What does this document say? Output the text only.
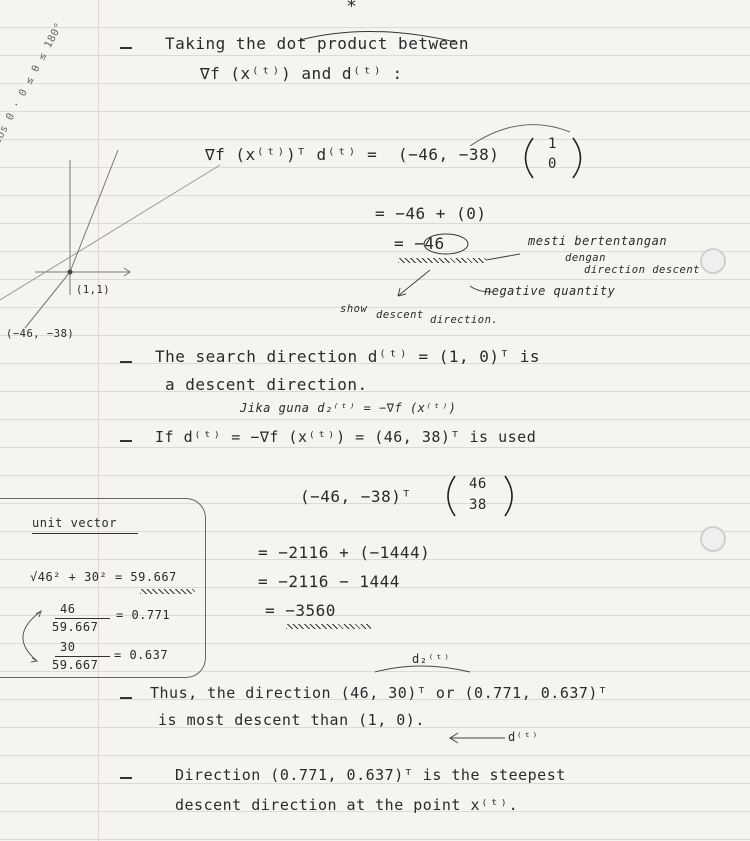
*
Taking the dot product between
∇f (x⁽ᵗ⁾) and d⁽ᵗ⁾ :
∇f (x⁽ᵗ⁾)ᵀ d⁽ᵗ⁾ = (−46, −38)
1
0
= −46 + (0)
= −46	mesti bertentangan
dengan
direction descent
negative quantity
show descent direction.
(1,1)
(−46, −38)
The search direction d⁽ᵗ⁾ = (1, 0)ᵀ is
a descent direction.
Jika guna d₂⁽ᵗ⁾ = −∇f (x⁽ᵗ⁾)
If d⁽ᵗ⁾ = −∇f (x⁽ᵗ⁾) = (46, 38)ᵀ is used
(−46, −38)ᵀ
46
38
unit vector
√46² + 30² = 59.667
46
59.667
= 0.771
30
59.667
= 0.637
= −2116 + (−1444)
= −2116 − 1444
= −3560
d₂⁽ᵗ⁾
Thus, the direction (46, 30)ᵀ or (0.771, 0.637)ᵀ
is most descent than (1, 0).
d⁽ᵗ⁾
Direction (0.771, 0.637)ᵀ is the steepest
descent direction at the point x⁽ᵗ⁾.
